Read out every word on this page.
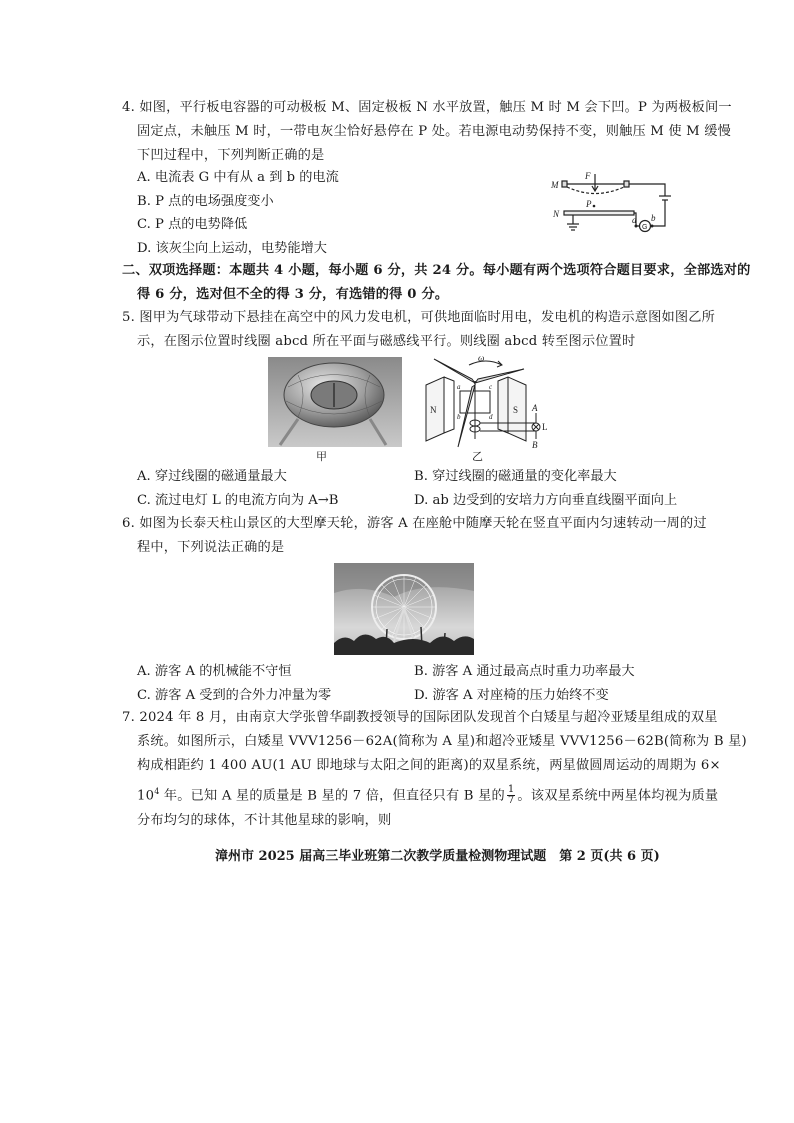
4. 如图，平行板电容器的可动极板 M、固定极板 N 水平放置，触压 M 时 M 会下凹。P 为两极板间一
固定点，未触压 M 时，一带电灰尘恰好悬停在 P 处。若电源电动势保持不变，则触压 M 使 M 缓慢
下凹过程中，下列判断正确的是
A. 电流表 G 中有从 a 到 b 的电流
B. P 点的电场强度变小
C. P 点的电势降低
D. 该灰尘向上运动，电势能增大
M
F
P
N
a b
G
二、双项选择题：本题共 4 小题，每小题 6 分，共 24 分。每小题有两个选项符合题目要求，全部选对的
得 6 分，选对但不全的得 3 分，有选错的得 0 分。
5. 图甲为气球带动下悬挂在高空中的风力发电机，可供地面临时用电，发电机的构造示意图如图乙所
示，在图示位置时线圈 abcd 所在平面与磁感线平行。则线圈 abcd 转至图示位置时
甲
N	S
L
ω
A
B
a
b
c
d
乙
A. 穿过线圈的磁通量最大	B. 穿过线圈的磁通量的变化率最大
C. 流过电灯 L 的电流方向为 A→B	D. ab 边受到的安培力方向垂直线圈平面向上
6. 如图为长泰天柱山景区的大型摩天轮，游客 A 在座舱中随摩天轮在竖直平面内匀速转动一周的过
程中，下列说法正确的是
A. 游客 A 的机械能不守恒	B. 游客 A 通过最高点时重力功率最大
C. 游客 A 受到的合外力冲量为零	D. 游客 A 对座椅的压力始终不变
7. 2024 年 8 月，由南京大学张曾华副教授领导的国际团队发现首个白矮星与超冷亚矮星组成的双星
系统。如图所示，白矮星 VVV1256－62A(简称为 A 星)和超冷亚矮星 VVV1256－62B(简称为 B 星)
构成相距约 1 400 AU(1 AU 即地球与太阳之间的距离)的双星系统，两星做圆周运动的周期为 6×
$10^4$ 年。已知 A 星的质量是 B 星的 7 倍，但直径只有 B 星的 $\frac{1}{7}$ 。该双星系统中两星体均视为质量
分布均匀的球体，不计其他星球的影响，则
漳州市 2025 届高三毕业班第二次教学质量检测物理试题　第 2 页(共 6 页)
